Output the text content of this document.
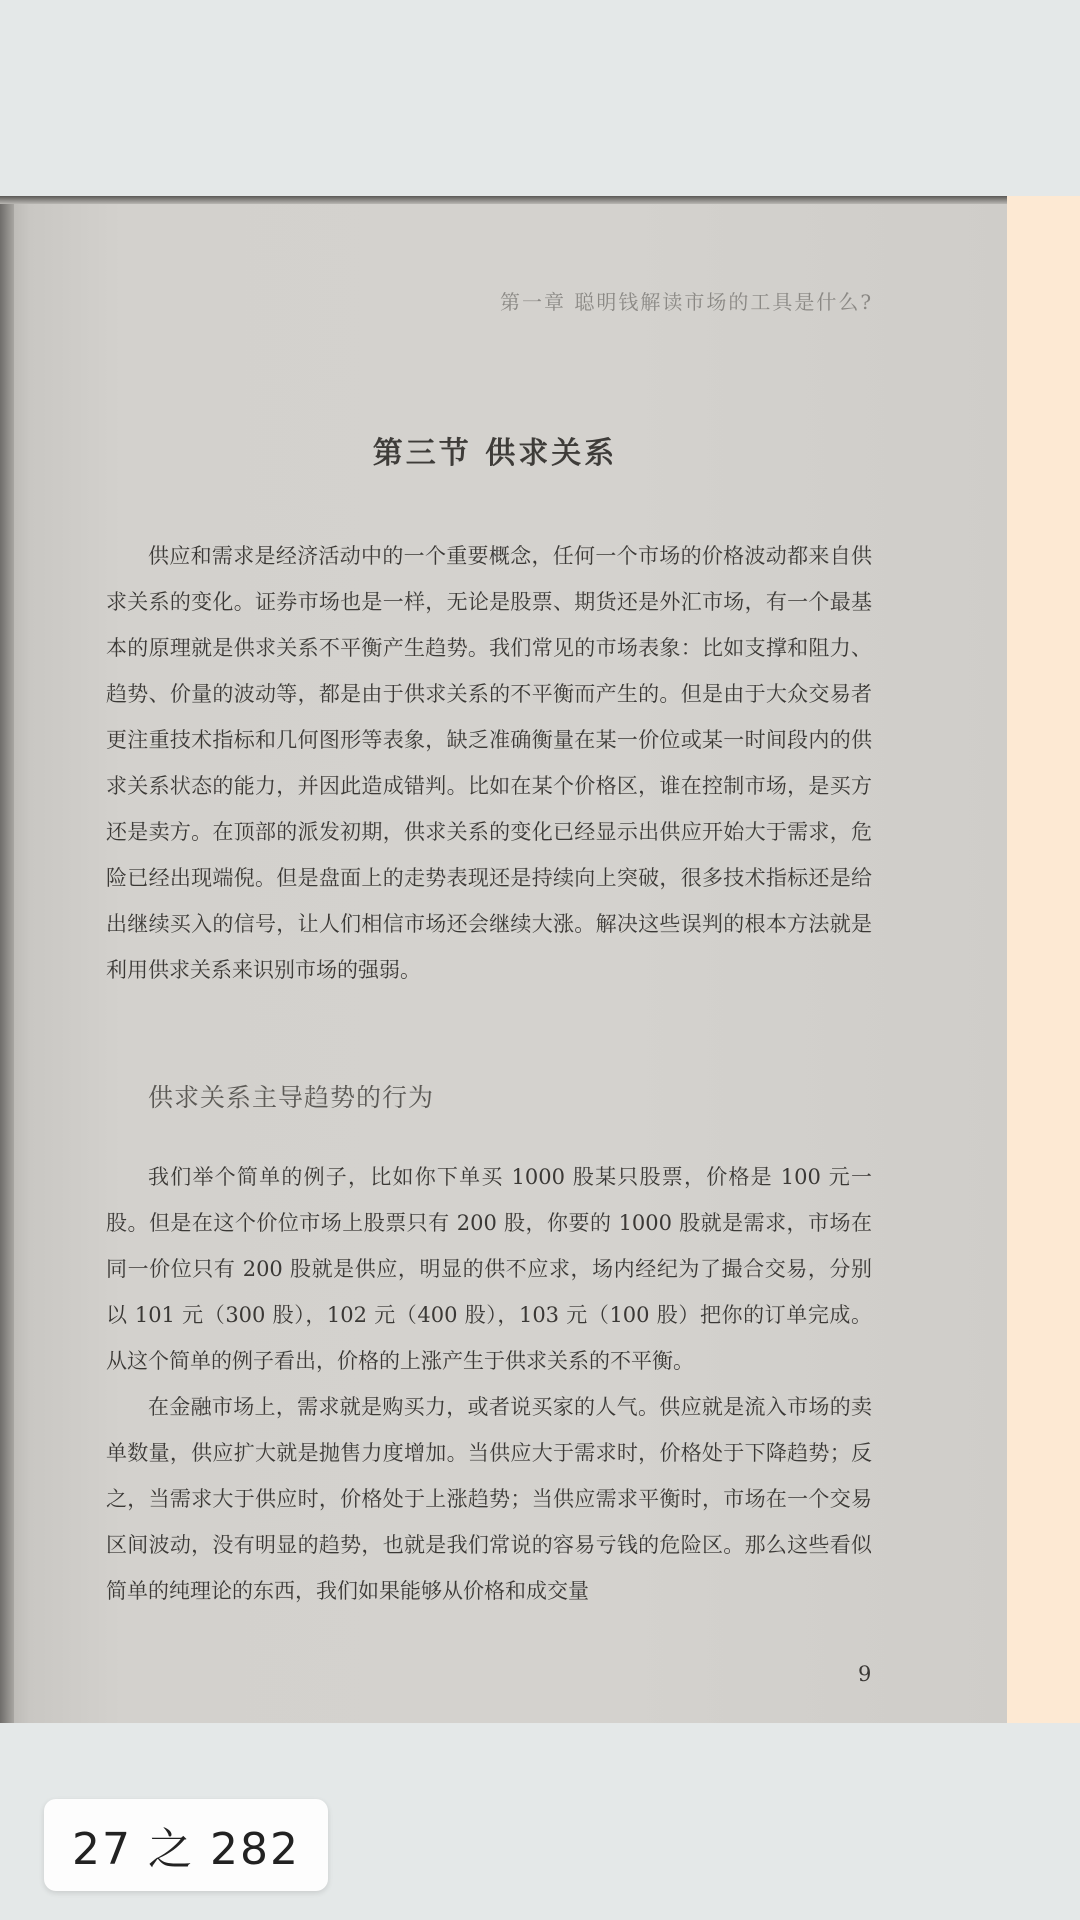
第一章 聪明钱解读市场的工具是什么?
第三节 供求关系

供应和需求是经济活动中的一个重要概念，任何一个市场的价格波动都来自供求关系的变化。证券市场也是一样，无论是股票、期货还是外汇市场，有一个最基本的原理就是供求关系不平衡产生趋势。我们常见的市场表象：比如支撑和阻力、趋势、价量的波动等，都是由于供求关系的不平衡而产生的。但是由于大众交易者更注重技术指标和几何图形等表象，缺乏准确衡量在某一价位或某一时间段内的供求关系状态的能力，并因此造成错判。比如在某个价格区，谁在控制市场，是买方还是卖方。在顶部的派发初期，供求关系的变化已经显示出供应开始大于需求，危险已经出现端倪。但是盘面上的走势表现还是持续向上突破，很多技术指标还是给出继续买入的信号，让人们相信市场还会继续大涨。解决这些误判的根本方法就是利用供求关系来识别市场的强弱。

供求关系主导趋势的行为

我们举个简单的例子，比如你下单买 1000 股某只股票，价格是 100 元一股。但是在这个价位市场上股票只有 200 股，你要的 1000 股就是需求，市场在同一价位只有 200 股就是供应，明显的供不应求，场内经纪为了撮合交易，分别以 101 元（300 股），102 元（400 股），103 元（100 股）把你的订单完成。从这个简单的例子看出，价格的上涨产生于供求关系的不平衡。

在金融市场上，需求就是购买力，或者说买家的人气。供应就是流入市场的卖单数量，供应扩大就是抛售力度增加。当供应大于需求时，价格处于下降趋势；反之，当需求大于供应时，价格处于上涨趋势；当供应需求平衡时，市场在一个交易区间波动，没有明显的趋势，也就是我们常说的容易亏钱的危险区。那么这些看似简单的纯理论的东西，我们如果能够从价格和成交量

9
27 之 282
